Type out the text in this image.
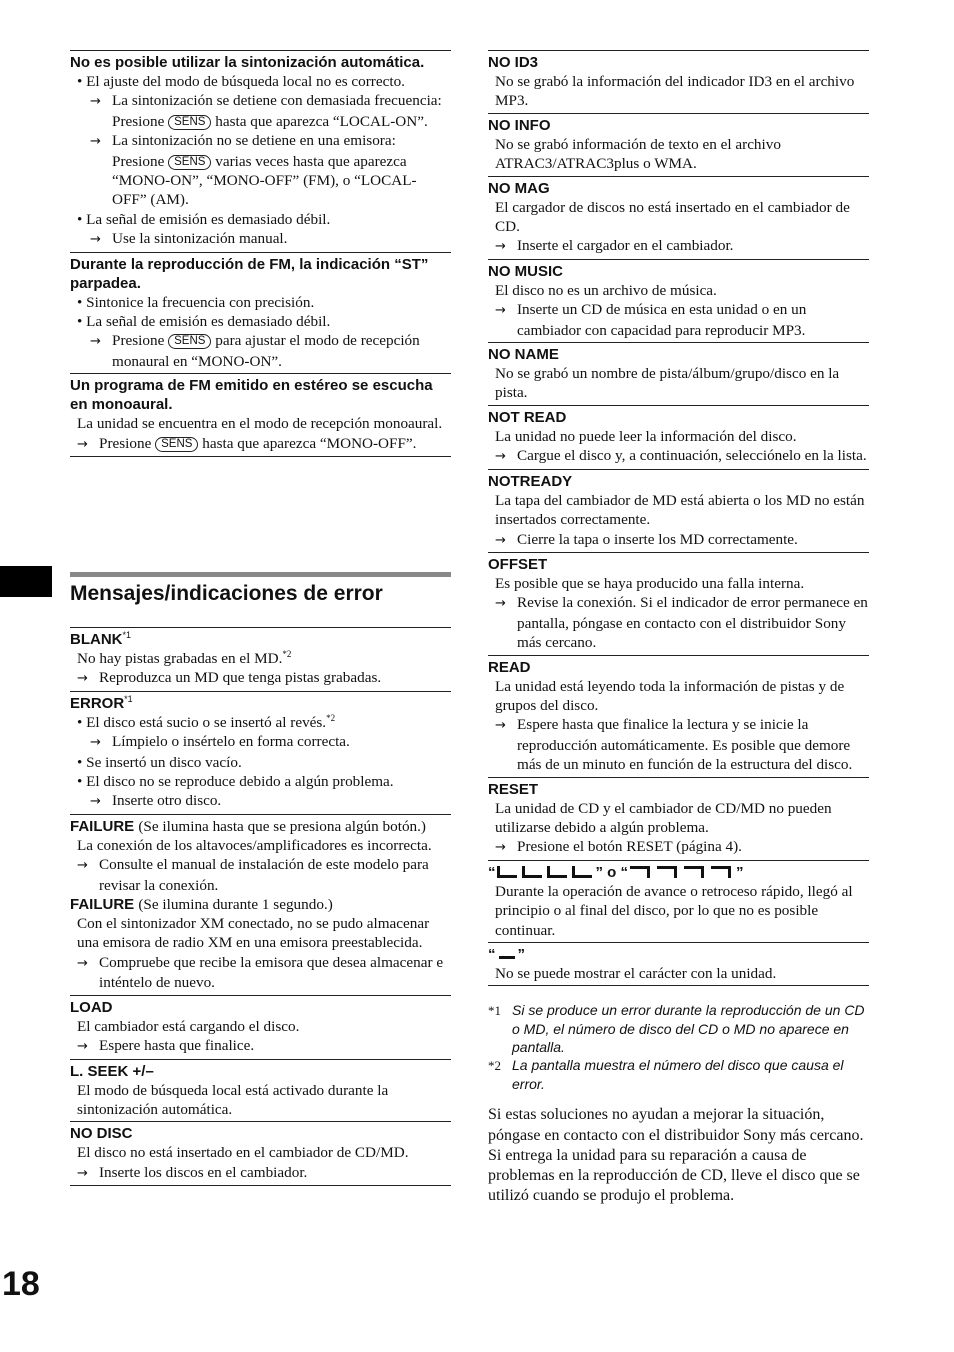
No es posible utilizar la sintonización automática.

• El ajuste del modo de búsqueda local no es correcto.

→ La sintonización se detiene con demasiada frecuencia:

Presione SENS hasta que aparezca “LOCAL-ON”.

→ La sintonización no se detiene en una emisora:

Presione SENS varias veces hasta que aparezca “MONO-ON”, “MONO-OFF” (FM), o “LOCAL-OFF” (AM).

• La señal de emisión es demasiado débil.

→ Use la sintonización manual.

Durante la reproducción de FM, la indicación “ST” parpadea.

• Sintonice la frecuencia con precisión.

• La señal de emisión es demasiado débil.

→ Presione SENS para ajustar el modo de recepción monaural en “MONO-ON”.

Un programa de FM emitido en estéreo se escucha en monoaural.

La unidad se encuentra en el modo de recepción monoaural.

→ Presione SENS hasta que aparezca “MONO-OFF”.

Mensajes/indicaciones de error

BLANK$^{*1}$

No hay pistas grabadas en el MD.$^{*2}$

→ Reproduzca un MD que tenga pistas grabadas.

ERROR$^{*1}$

• El disco está sucio o se insertó al revés.$^{*2}$

→ Límpielo o insértelo en forma correcta.

• Se insertó un disco vacío.

• El disco no se reproduce debido a algún problema.

→ Inserte otro disco.

FAILURE (Se ilumina hasta que se presiona algún botón.)

La conexión de los altavoces/amplificadores es incorrecta.

→ Consulte el manual de instalación de este modelo para revisar la conexión.

FAILURE (Se ilumina durante 1 segundo.)

Con el sintonizador XM conectado, no se pudo almacenar una emisora de radio XM en una emisora preestablecida.

→ Compruebe que recibe la emisora que desea almacenar e inténtelo de nuevo.

LOAD

El cambiador está cargando el disco.

→ Espere hasta que finalice.

L. SEEK +/–

El modo de búsqueda local está activado durante la sintonización automática.

NO DISC

El disco no está insertado en el cambiador de CD/MD.

→ Inserte los discos en el cambiador.

NO ID3

No se grabó la información del indicador ID3 en el archivo MP3.

NO INFO

No se grabó información de texto en el archivo ATRAC3/ATRAC3plus o WMA.

NO MAG

El cargador de discos no está insertado en el cambiador de CD.

→ Inserte el cargador en el cambiador.

NO MUSIC

El disco no es un archivo de música.

→ Inserte un CD de música en esta unidad o en un cambiador con capacidad para reproducir MP3.

NO NAME

No se grabó un nombre de pista/álbum/grupo/disco en la pista.

NOT READ

La unidad no puede leer la información del disco.

→ Cargue el disco y, a continuación, selecciónelo en la lista.

NOTREADY

La tapa del cambiador de MD está abierta o los MD no están insertados correctamente.

→ Cierre la tapa o inserte los MD correctamente.

OFFSET

Es posible que se haya producido una falla interna.

→ Revise la conexión. Si el indicador de error permanece en pantalla, póngase en contacto con el distribuidor Sony más cercano.

READ

La unidad está leyendo toda la información de pistas y de grupos del disco.

→ Espere hasta que finalice la lectura y se inicie la reproducción automáticamente. Es posible que demore más de un minuto en función de la estructura del disco.

RESET

La unidad de CD y el cambiador de CD/MD no pueden utilizarse debido a algún problema.

→ Presione el botón RESET (página 4).

“	” o “	”

Durante la operación de avance o retroceso rápido, llegó al principio o al final del disco, por lo que no es posible continuar.

“ ”

No se puede mostrar el carácter con la unidad.

*1 Si se produce un error durante la reproducción de un CD o MD, el número de disco del CD o MD no aparece en pantalla.

*2 La pantalla muestra el número del disco que causa el error.

Si estas soluciones no ayudan a mejorar la situación, póngase en contacto con el distribuidor Sony más cercano.

Si entrega la unidad para su reparación a causa de problemas en la reproducción de CD, lleve el disco que se utilizó cuando se produjo el problema.

18
